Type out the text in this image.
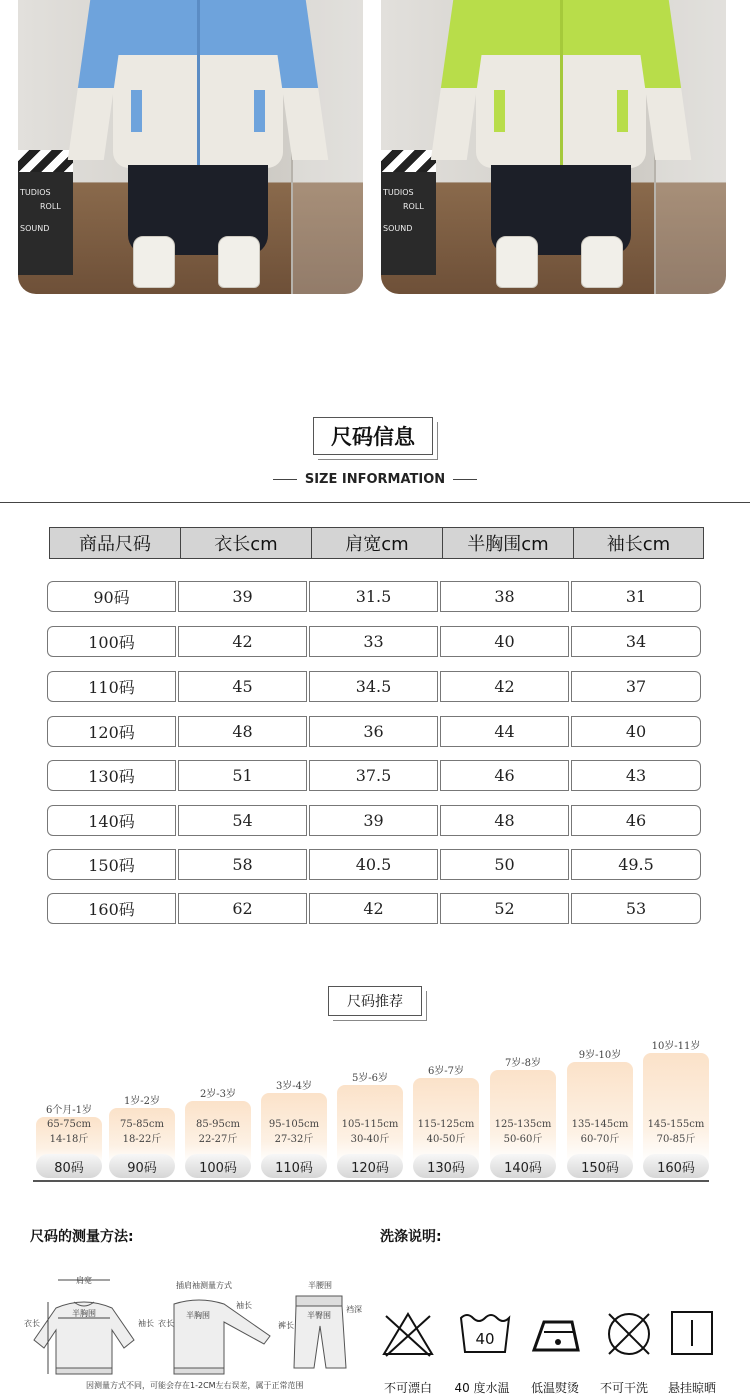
TUDIOS
ROLL
SOUND
TUDIOS
ROLL
SOUND
尺码信息
SIZE INFORMATION
商品尺码	衣长cm	肩宽cm	半胸围cm	袖长cm
90码	39	31.5	38	31
100码	42	33	40	34
110码	45	34.5	42	37
120码	48	36	44	40
130码	51	37.5	46	43
140码	54	39	48	46
150码	58	40.5	50	49.5
160码	62	42	52	53
尺码推荐
6个月-1岁
65-75cm
14-18斤
80码
1岁-2岁
75-85cm
18-22斤
90码
2岁-3岁
85-95cm
22-27斤
100码
3岁-4岁
95-105cm
27-32斤
110码
5岁-6岁
105-115cm
30-40斤
120码
6岁-7岁
115-125cm
40-50斤
130码
7岁-8岁
125-135cm
50-60斤
140码
9岁-10岁
135-145cm
60-70斤
150码
10岁-11岁
145-155cm
70-85斤
160码
尺码的测量方法:
肩宽
半胸围
衣长	袖长
插肩袖测量方式
半胸围
衣长
袖长
半腰围
半臀围
裤长
裆深
因测量方式不同，可能会存在1-2CM左右误差，属于正常范围
洗涤说明:
40
不可漂白	40 度水温	低温熨烫	不可干洗	悬挂晾晒
